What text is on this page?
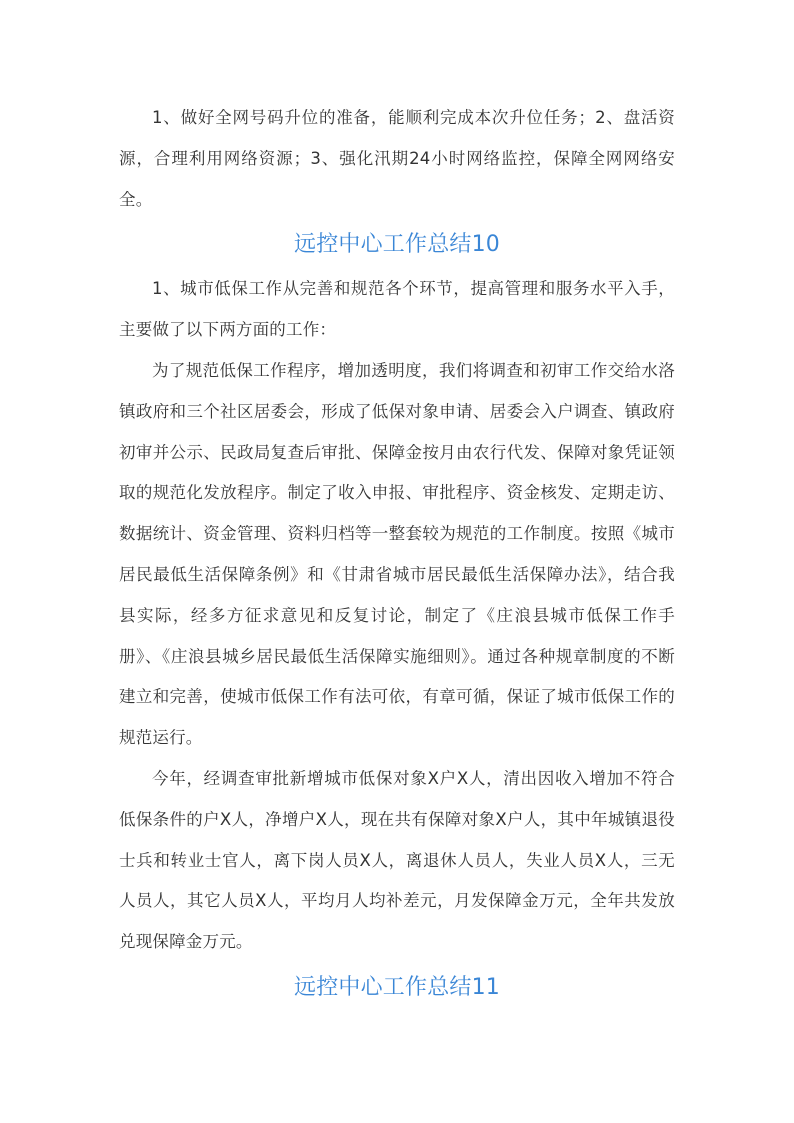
1、做好全网号码升位的准备，能顺利完成本次升位任务；2、盘活资源，合理利用网络资源；3、强化汛期24小时网络监控，保障全网网络安全。

远控中心工作总结10

1、城市低保工作从完善和规范各个环节，提高管理和服务水平入手，主要做了以下两方面的工作：

为了规范低保工作程序，增加透明度，我们将调查和初审工作交给水洛镇政府和三个社区居委会，形成了低保对象申请、居委会入户调查、镇政府初审并公示、民政局复查后审批、保障金按月由农行代发、保障对象凭证领取的规范化发放程序。制定了收入申报、审批程序、资金核发、定期走访、数据统计、资金管理、资料归档等一整套较为规范的工作制度。按照《城市居民最低生活保障条例》和《甘肃省城市居民最低生活保障办法》，结合我县实际，经多方征求意见和反复讨论，制定了《庄浪县城市低保工作手册》、《庄浪县城乡居民最低生活保障实施细则》。通过各种规章制度的不断建立和完善，使城市低保工作有法可依，有章可循，保证了城市低保工作的规范运行。

今年，经调查审批新增城市低保对象X户X人，清出因收入增加不符合低保条件的户X人，净增户X人，现在共有保障对象X户人，其中年城镇退役士兵和转业士官人，离下岗人员X人，离退休人员人，失业人员X人，三无人员人，其它人员X人，平均月人均补差元，月发保障金万元，全年共发放兑现保障金万元。

远控中心工作总结11
